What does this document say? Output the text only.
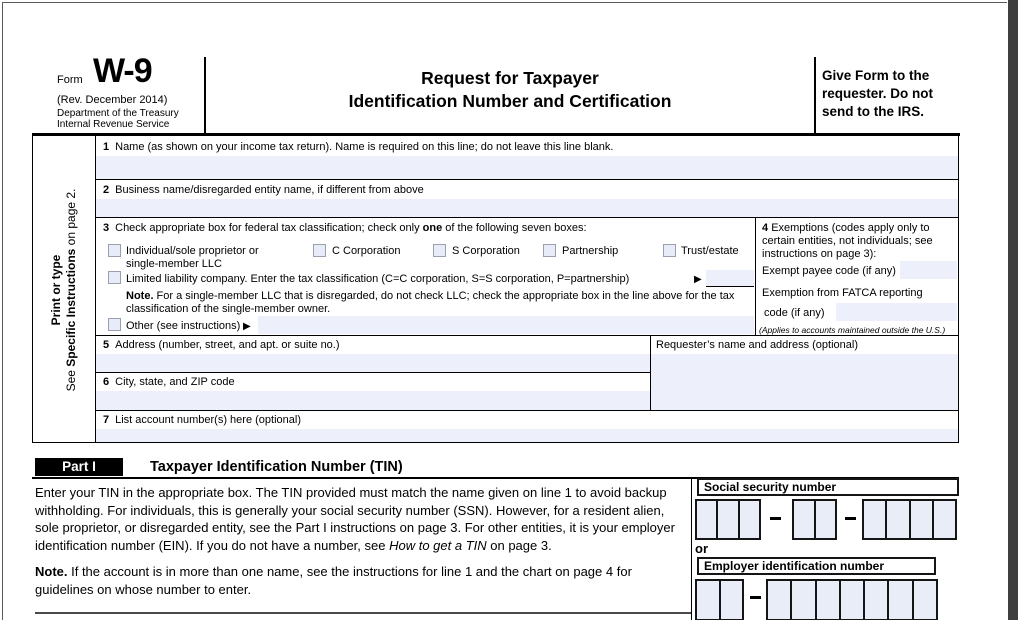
Form W-9
(Rev. December 2014)
Department of the Treasury
Internal Revenue Service
Request for Taxpayer
Identification Number and Certification
Give Form to the
requester. Do not
send to the IRS.
Print or type
See Specific Instructions on page 2.
1 Name (as shown on your income tax return). Name is required on this line; do not leave this line blank.
2 Business name/disregarded entity name, if different from above
3 Check appropriate box for federal tax classification; check only one of the following seven boxes:
Individual/sole proprietor or
single-member LLC
C Corporation	S Corporation	Partnership	Trust/estate
Limited liability company. Enter the tax classification (C=C corporation, S=S corporation, P=partnership)	▶
Note. For a single-member LLC that is disregarded, do not check LLC; check the appropriate box in the line above for the tax classification of the single-member owner.
Other (see instructions) ▶
4 Exemptions (codes apply only to certain entities, not individuals; see instructions on page 3):
Exempt payee code (if any)
Exemption from FATCA reporting
code (if any)
(Applies to accounts maintained outside the U.S.)
5 Address (number, street, and apt. or suite no.)	Requester’s name and address (optional)
6 City, state, and ZIP code
7 List account number(s) here (optional)
Part I	Taxpayer Identification Number (TIN)
Enter your TIN in the appropriate box. The TIN provided must match the name given on line 1 to avoid backup withholding. For individuals, this is generally your social security number (SSN). However, for a resident alien, sole proprietor, or disregarded entity, see the Part I instructions on page 3. For other entities, it is your employer identification number (EIN). If you do not have a number, see How to get a TIN on page 3.
Note. If the account is in more than one name, see the instructions for line 1 and the chart on page 4 for guidelines on whose number to enter.
Social security number
or
Employer identification number
